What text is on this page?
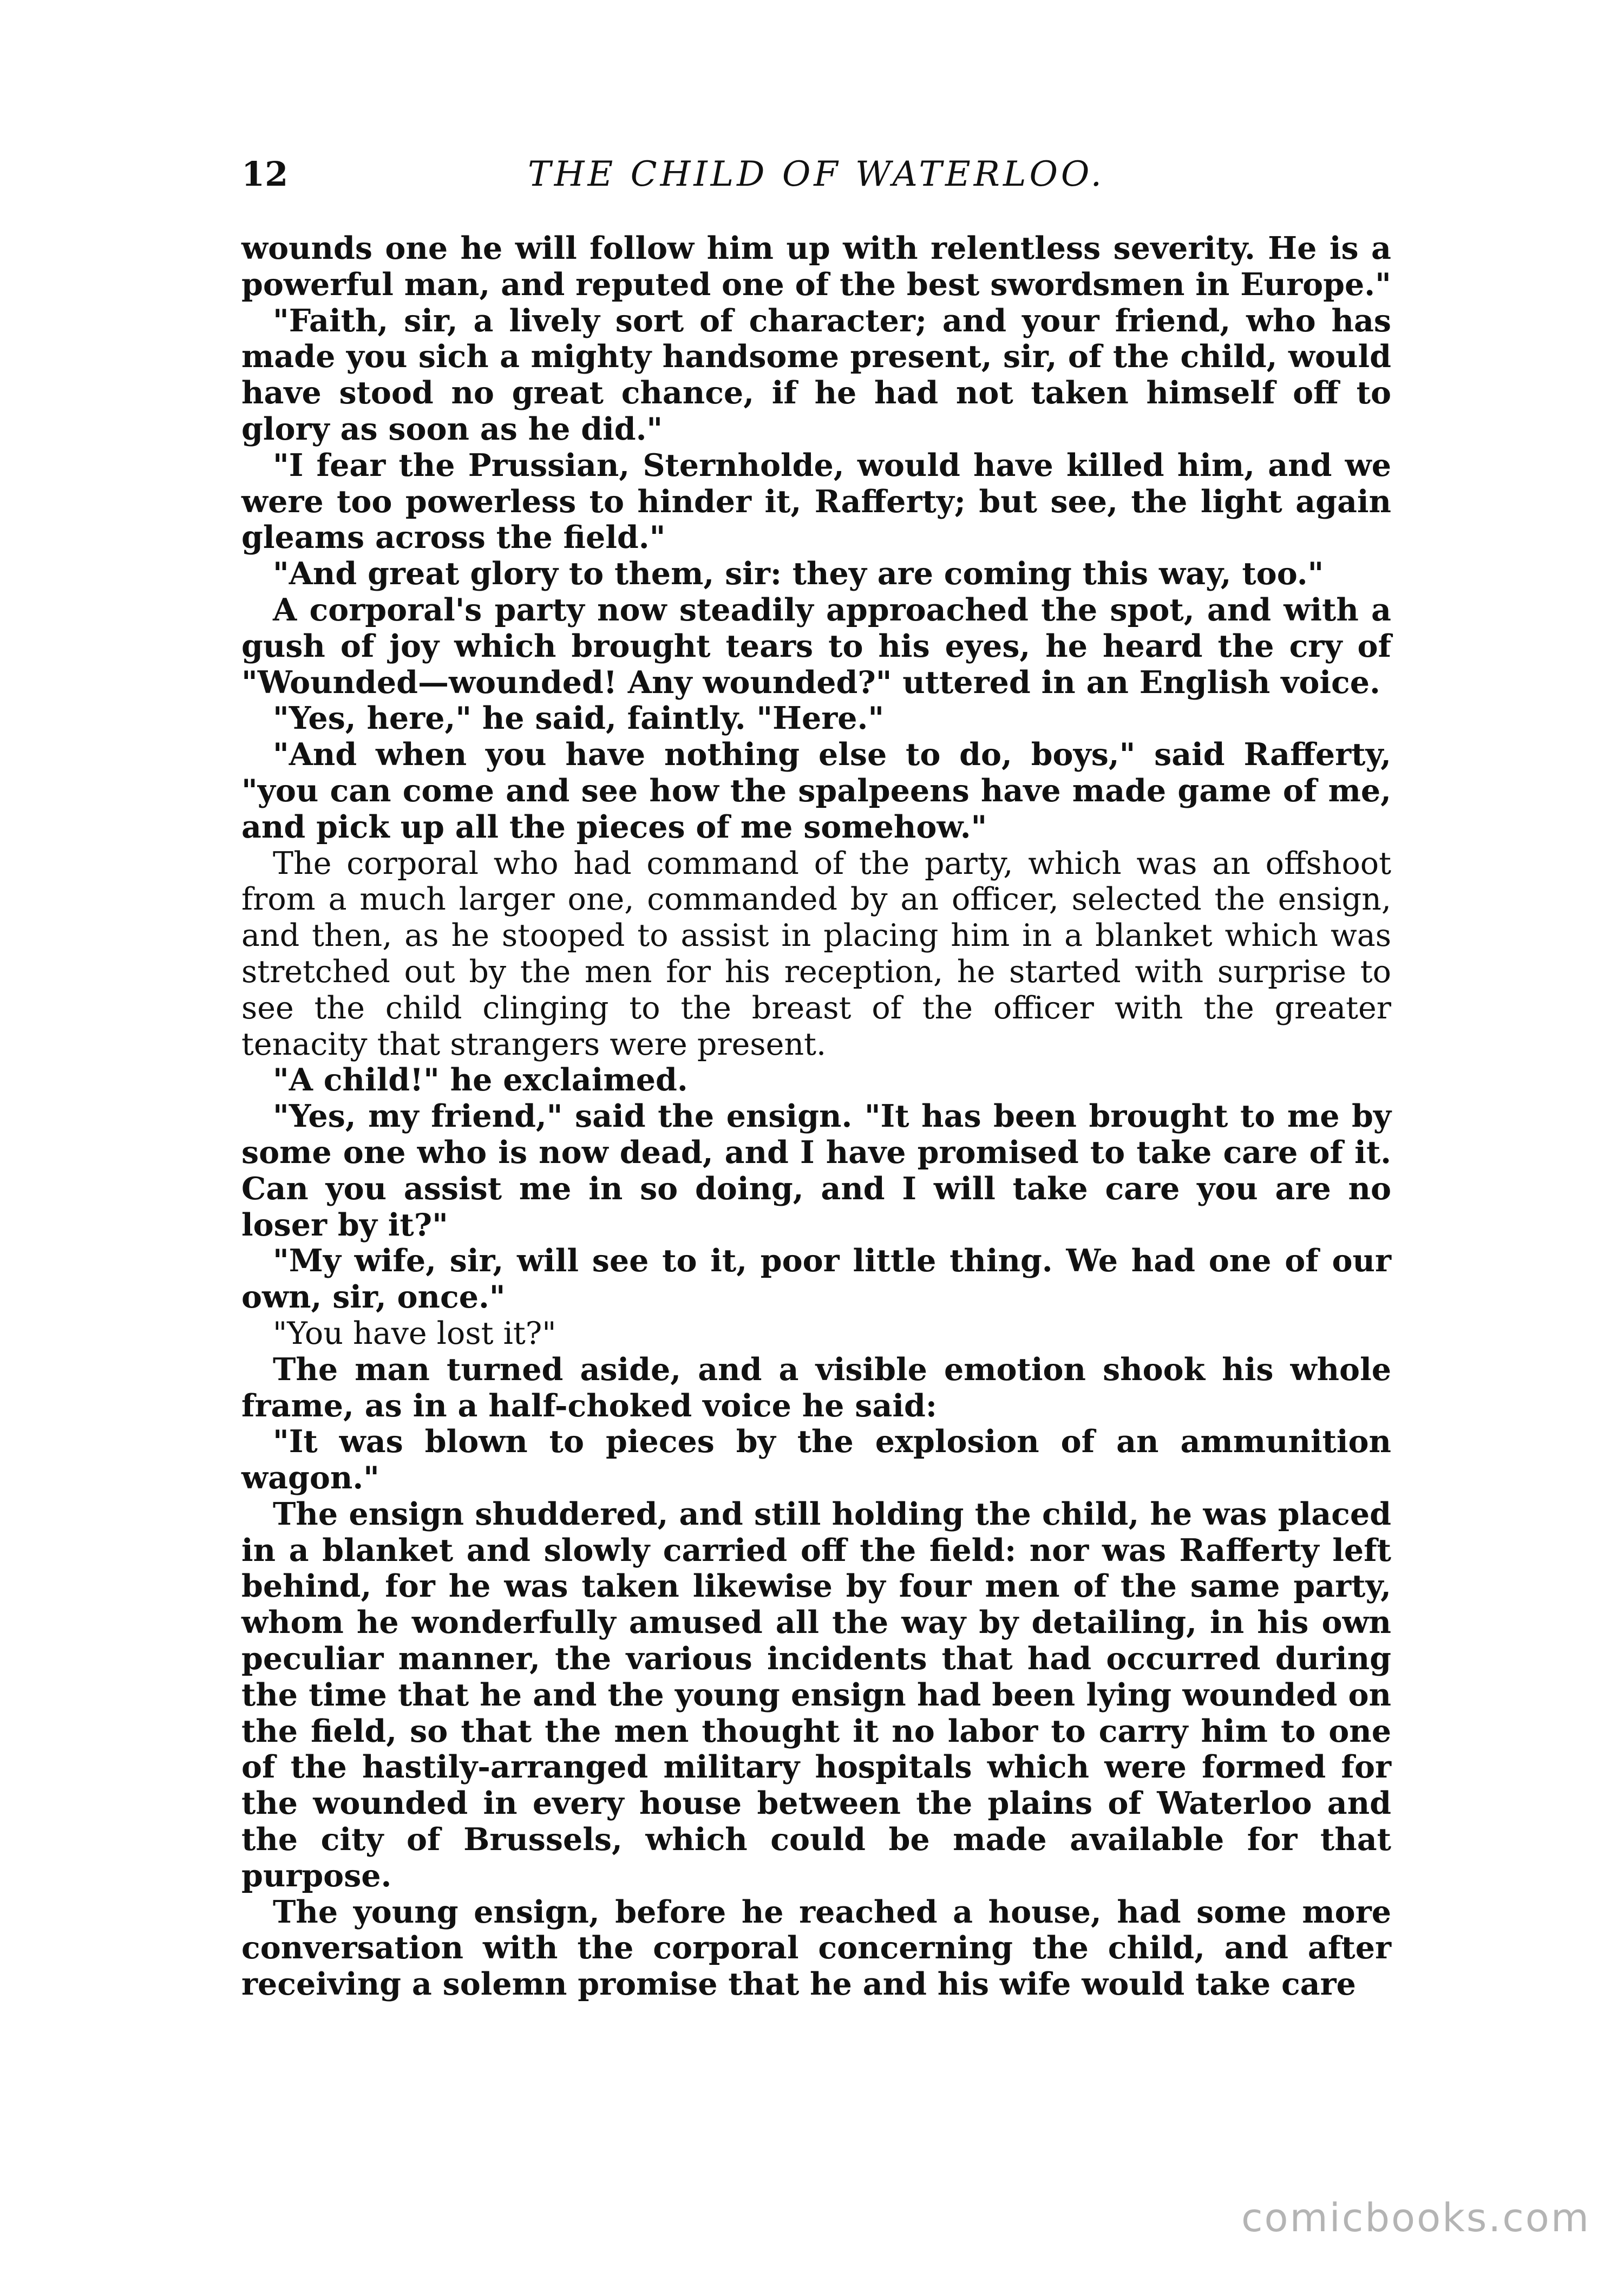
12	THE CHILD OF WATERLOO.

wounds one he will follow him up with relentless severity. He is a powerful man, and reputed one of the best swordsmen in Europe."

"Faith, sir, a lively sort of character; and your friend, who has made you sich a mighty handsome present, sir, of the child, would have stood no great chance, if he had not taken himself off to glory as soon as he did."

"I fear the Prussian, Sternholde, would have killed him, and we were too powerless to hinder it, Rafferty; but see, the light again gleams across the field."

"And great glory to them, sir: they are coming this way, too."

A corporal's party now steadily approached the spot, and with a gush of joy which brought tears to his eyes, he heard the cry of "Wounded—wounded! Any wounded?" uttered in an English voice.

"Yes, here," he said, faintly. "Here."

"And when you have nothing else to do, boys," said Rafferty, "you can come and see how the spalpeens have made game of me, and pick up all the pieces of me somehow."

The corporal who had command of the party, which was an offshoot from a much larger one, commanded by an officer, selected the ensign, and then, as he stooped to assist in placing him in a blanket which was stretched out by the men for his reception, he started with surprise to see the child clinging to the breast of the officer with the greater tenacity that strangers were present.

"A child!" he exclaimed.

"Yes, my friend," said the ensign. "It has been brought to me by some one who is now dead, and I have promised to take care of it. Can you assist me in so doing, and I will take care you are no loser by it?"

"My wife, sir, will see to it, poor little thing. We had one of our own, sir, once."

"You have lost it?"

The man turned aside, and a visible emotion shook his whole frame, as in a half-choked voice he said:

"It was blown to pieces by the explosion of an ammunition wagon."

The ensign shuddered, and still holding the child, he was placed in a blanket and slowly carried off the field: nor was Rafferty left behind, for he was taken likewise by four men of the same party, whom he wonderfully amused all the way by detailing, in his own peculiar manner, the various incidents that had occurred during the time that he and the young ensign had been lying wounded on the field, so that the men thought it no labor to carry him to one of the hastily-arranged military hospitals which were formed for the wounded in every house between the plains of Waterloo and the city of Brussels, which could be made available for that purpose.

The young ensign, before he reached a house, had some more conversation with the corporal concerning the child, and after receiving a solemn promise that he and his wife would take care

comicbooks.com
